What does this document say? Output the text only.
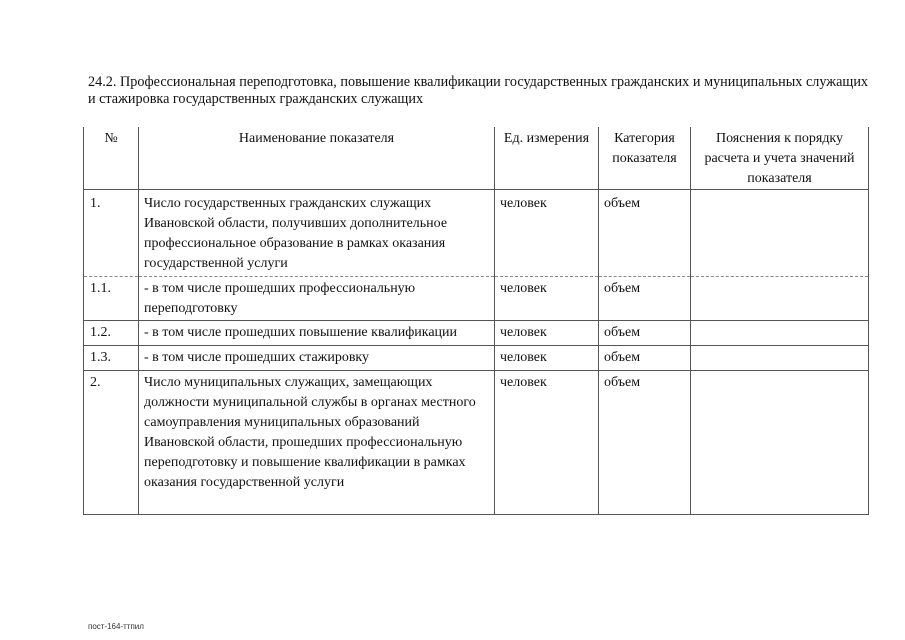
24.2. Профессиональная переподготовка, повышение квалификации государственных гражданских и муниципальных служащих и стажировка государственных гражданских служащих
№	Наименование показателя	Ед. измерения	Категория показателя	Пояснения к порядку расчета и учета значений показателя
1.	Число государственных гражданских служащих Ивановской области, получивших дополнительное профессиональное образование в рамках оказания государственной услуги	человек	объем	
1.1.	- в том числе прошедших профессиональную переподготовку	человек	объем	
1.2.	- в том числе прошедших повышение квалификации	человек	объем	
1.3.	- в том числе прошедших стажировку	человек	объем	
2.	Число муниципальных служащих, замещающих должности муниципальной службы в органах местного самоуправления муниципальных образований Ивановской области, прошедших профессиональную переподготовку и повышение квалификации в рамках оказания государственной услуги	человек	объем	
пост-164-ттпил
